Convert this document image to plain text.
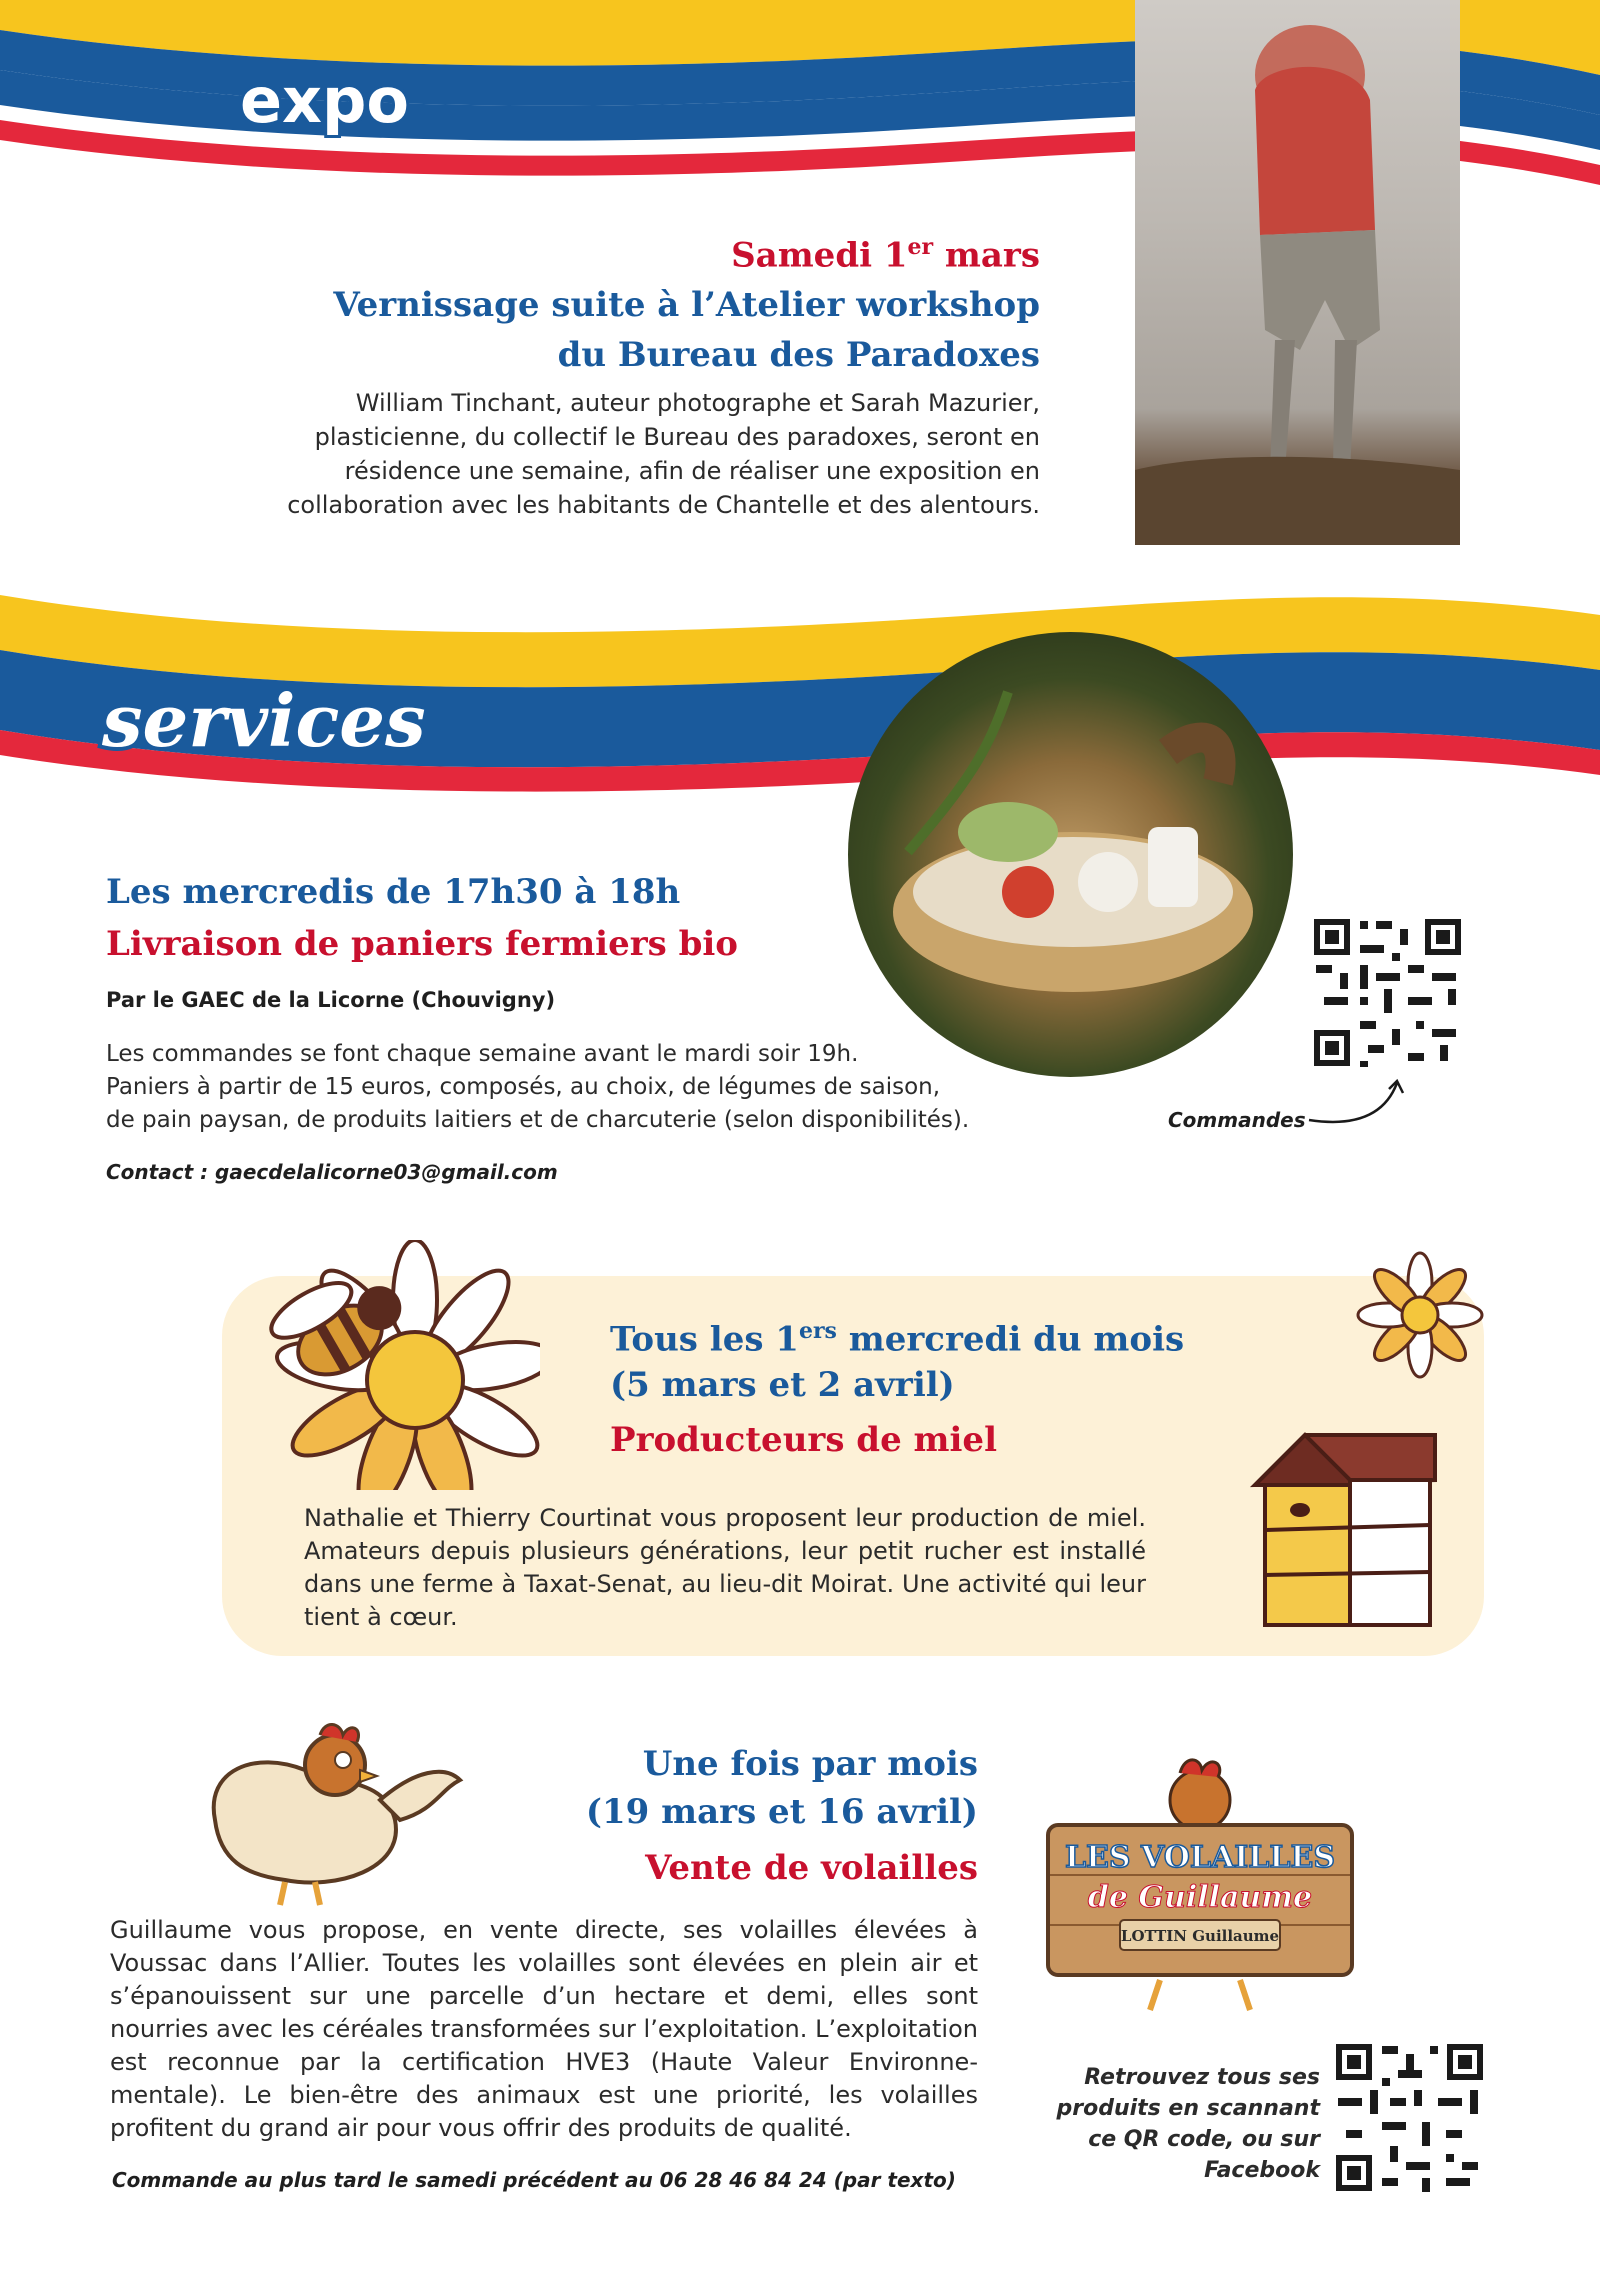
expo
Samedi 1er mars
Vernissage suite à l’Atelier workshop
du Bureau des Paradoxes
William Tinchant, auteur photographe et Sarah Mazurier, plasticienne, du collectif le Bureau des paradoxes, seront en résidence une semaine, afin de réaliser une exposition en collaboration avec les habitants de Chantelle et des alentours.
services
Les mercredis de 17h30 à 18h
Livraison de paniers fermiers bio
Par le GAEC de la Licorne (Chouvigny)
Les commandes se font chaque semaine avant le mardi soir 19h.
Paniers à partir de 15 euros, composés, au choix, de légumes de saison,
de pain paysan, de produits laitiers et de charcuterie (selon disponibilités).
Contact : gaecdelalicorne03@gmail.com
Commandes
Tous les 1ers mercredi du mois
(5 mars et 2 avril)
Producteurs de miel
Nathalie et Thierry Courtinat vous proposent leur production de miel. Amateurs depuis plusieurs générations, leur petit rucher est installé dans une ferme à Taxat-Senat, au lieu-dit Moirat. Une activité qui leur tient à cœur.
LES VOLAILLES
de Guillaume
LOTTIN Guillaume
Une fois par mois
(19 mars et 16 avril)
Vente de volailles
Guillaume vous propose, en vente directe, ses volailles élevées à Voussac dans l’Allier. Toutes les volailles sont élevées en plein air et s’épanouissent sur une parcelle d’un hectare et demi, elles sont nourries avec les céréales transformées sur l’exploitation. L’exploitation est reconnue par la certification HVE3 (Haute Valeur Environnementale). Le bien-être des animaux est une priorité, les volailles profitent du grand air pour vous offrir des produits de qualité.
Commande au plus tard le samedi précédent au 06 28 46 84 24 (par texto)
Retrouvez tous ses produits en scannant ce QR code, ou sur Facebook
